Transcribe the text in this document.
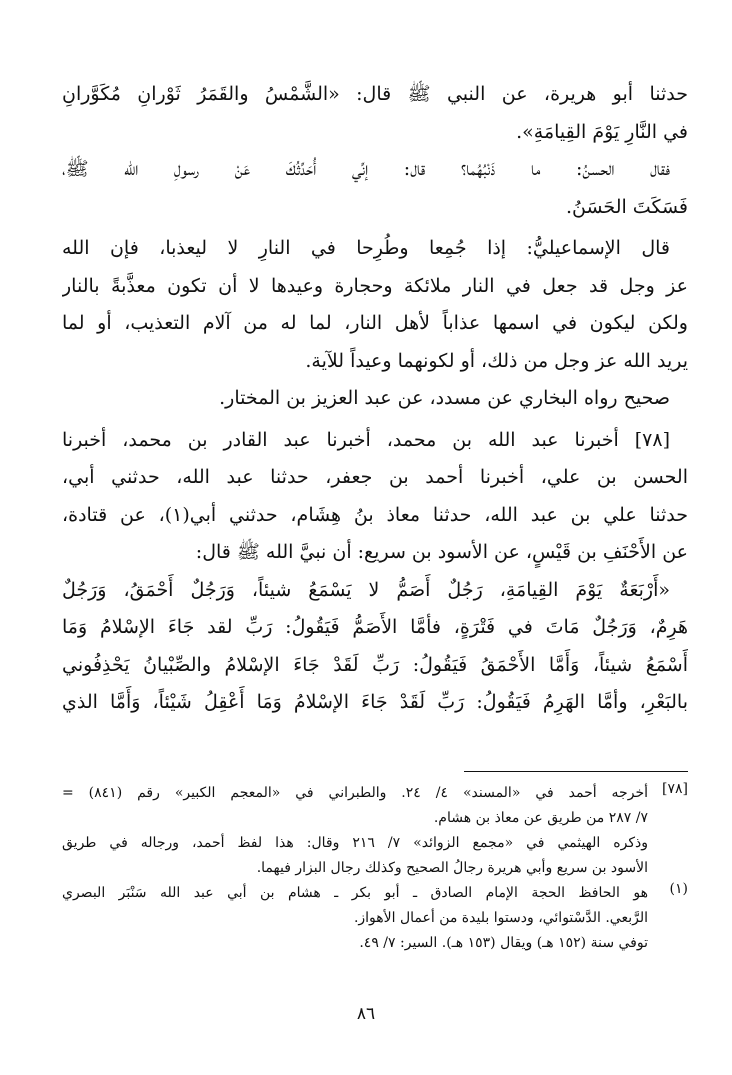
حدثنا أبو هريرة، عن النبي ﷺ قال: «الشَّمْسُ والقَمَرُ ثَوْرانِ مُكَوَّرانِ
في النَّارِ يَوْمَ القِيامَةِ».
فقال الحسنُ: ما ذَنْبُهُما؟ قال: إنِّي أُحَدِّثُكَ عَنْ رسولِ الله ﷺ،
فَسَكَتَ الحَسَنُ.
قال الإسماعيليُّ: إذا جُمِعا وطُرِحا في النارِ لا ليعذبا، فإن الله
عز وجل قد جعل في النار ملائكة وحجارة وعيدها لا أن تكون معذَّبةً بالنار
ولكن ليكون في اسمها عذاباً لأهل النار، لما له من آلام التعذيب، أو لما
يريد الله عز وجل من ذلك، أو لكونهما وعيداً للآية.
صحيح رواه البخاري عن مسدد، عن عبد العزيز بن المختار.
[٧٨] أخبرنا عبد الله بن محمد، أخبرنا عبد القادر بن محمد، أخبرنا
الحسن بن علي، أخبرنا أحمد بن جعفر، حدثنا عبد الله، حدثني أبي،
حدثنا علي بن عبد الله، حدثنا معاذ بنُ هِشَام، حدثني أبي(١)، عن قتادة،
عن الأَحْنَفِ بن قَيْسٍ، عن الأسود بن سريع: أن نبيَّ الله ﷺ قال:
«أَرْبَعَةٌ يَوْمَ القِيامَةِ، رَجُلٌ أَصَمُّ لا يَسْمَعُ شيئاً، وَرَجُلٌ أَحْمَقُ، وَرَجُلٌ
هَرِمٌ، وَرَجُلٌ مَاتَ في فَتْرَةٍ، فأمَّا الأَصَمُّ فَيَقُولُ: رَبِّ لقد جَاءَ الإسْلامُ وَمَا
أَسْمَعُ شيئاً، وَأَمَّا الأَحْمَقُ فَيَقُولُ: رَبِّ لَقَدْ جَاءَ الإسْلامُ والصِّبْيانُ يَحْذِفُوني
بالبَعْرِ، وأمَّا الهَرِمُ فَيَقُولُ: رَبِّ لَقَدْ جَاءَ الإسْلامُ وَمَا أَعْقِلُ شَيْئاً، وَأَمَّا الذي
[٧٨]
أخرجه أحمد في «المسند» ٤/ ٢٤. والطبراني في «المعجم الكبير» رقم (٨٤١) =
٧/ ٢٨٧ من طريق عن معاذ بن هشام.
وذكره الهيثمي في «مجمع الزوائد» ٧/ ٢١٦ وقال: هذا لفظ أحمد، ورجاله في طريق
الأسود بن سريع وأبي هريرة رجالُ الصحيح وكذلك رجال البزار فيهما.
(١)
هو الحافظ الحجة الإمام الصادق ـ أبو بكر ـ هشام بن أبي عبد الله سَنْبَر البصري
الرَّبعي. الدَّسْتوائي، ودستوا بليدة من أعمال الأهواز.
توفي سنة (١٥٢ هـ) ويقال (١٥٣ هـ). السير: ٧/ ٤٩.
٨٦
